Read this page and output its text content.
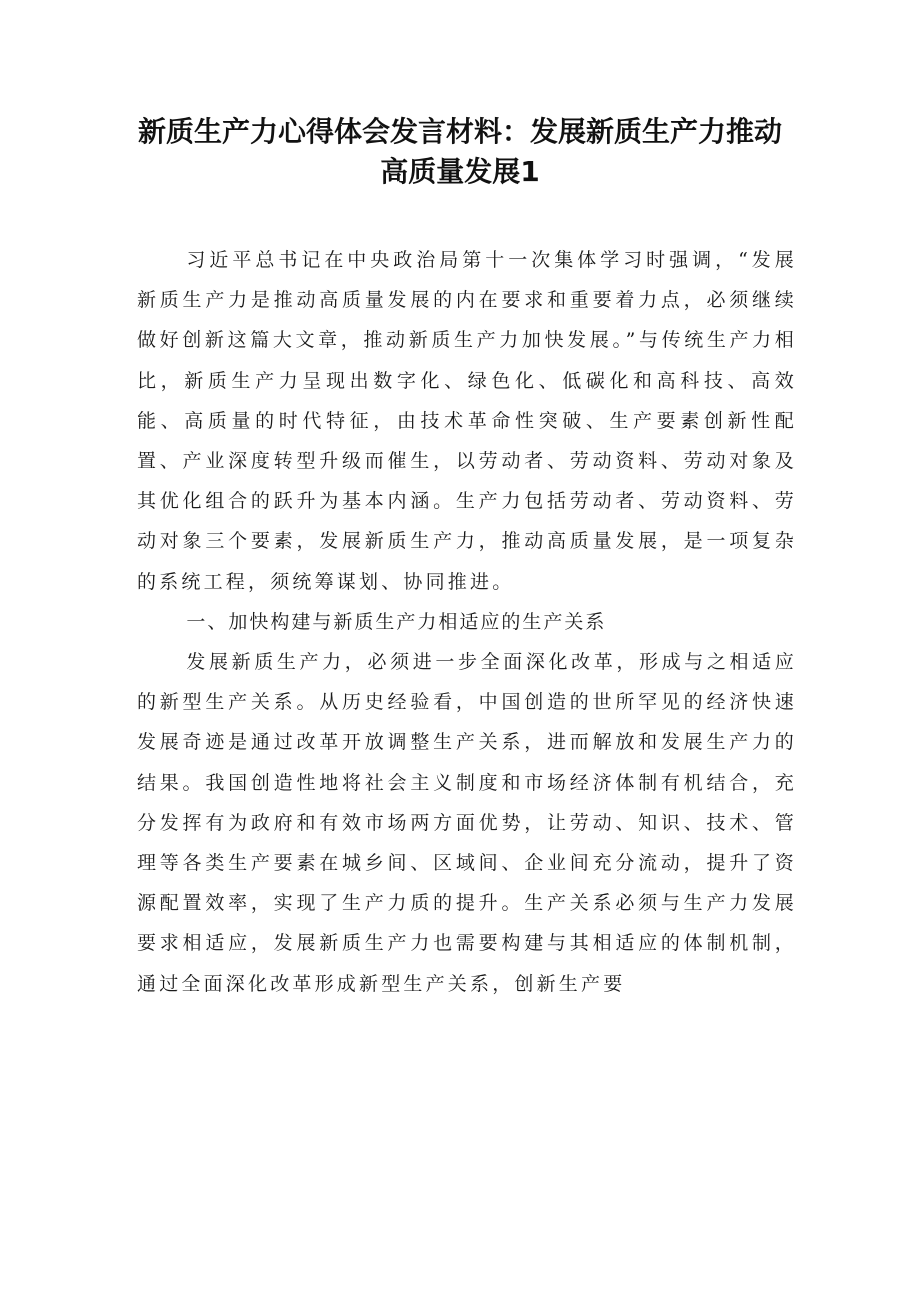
新质生产力心得体会发言材料：发展新质生产力推动
高质量发展1

习近平总书记在中央政治局第十一次集体学习时强调，“发展新质生产力是推动高质量发展的内在要求和重要着力点，必须继续做好创新这篇大文章，推动新质生产力加快发展。”与传统生产力相比，新质生产力呈现出数字化、绿色化、低碳化和高科技、高效能、高质量的时代特征，由技术革命性突破、生产要素创新性配置、产业深度转型升级而催生，以劳动者、劳动资料、劳动对象及其优化组合的跃升为基本内涵。生产力包括劳动者、劳动资料、劳动对象三个要素，发展新质生产力，推动高质量发展，是一项复杂的系统工程，须统筹谋划、协同推进。

一、加快构建与新质生产力相适应的生产关系

发展新质生产力，必须进一步全面深化改革，形成与之相适应的新型生产关系。从历史经验看，中国创造的世所罕见的经济快速发展奇迹是通过改革开放调整生产关系，进而解放和发展生产力的结果。我国创造性地将社会主义制度和市场经济体制有机结合，充分发挥有为政府和有效市场两方面优势，让劳动、知识、技术、管理等各类生产要素在城乡间、区域间、企业间充分流动，提升了资源配置效率，实现了生产力质的提升。生产关系必须与生产力发展要求相适应，发展新质生产力也需要构建与其相适应的体制机制，通过全面深化改革形成新型生产关系，创新生产要
